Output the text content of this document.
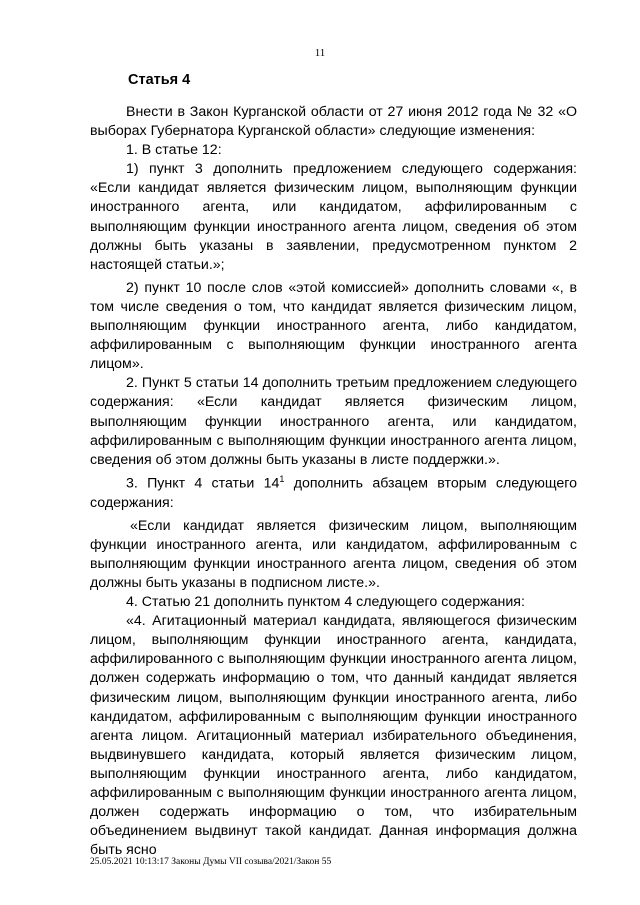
11
Статья 4

Внести в Закон Курганской области от 27 июня 2012 года № 32 «О выборах Губернатора Курганской области» следующие изменения:

1. В статье 12:

1) пункт 3 дополнить предложением следующего содержания: «Если кандидат является физическим лицом, выполняющим функции иностранного агента, или кандидатом, аффилированным с выполняющим функции иностранного агента лицом, сведения об этом должны быть указаны в заявлении, предусмотренном пунктом 2 настоящей статьи.»;

2) пункт 10 после слов «этой комиссией» дополнить словами «, в том числе сведения о том, что кандидат является физическим лицом, выполняющим функции иностранного агента, либо кандидатом, аффилированным с выполняющим функции иностранного агента лицом».

2. Пункт 5 статьи 14 дополнить третьим предложением следующего содержания: «Если кандидат является физическим лицом, выполняющим функции иностранного агента, или кандидатом, аффилированным с выполняющим функции иностранного агента лицом, сведения об этом должны быть указаны в листе поддержки.».

3. Пункт 4 статьи $14^1$ дополнить абзацем вторым следующего содержания:

«Если кандидат является физическим лицом, выполняющим функции иностранного агента, или кандидатом, аффилированным с выполняющим функции иностранного агента лицом, сведения об этом должны быть указаны в подписном листе.».

4. Статью 21 дополнить пунктом 4 следующего содержания:

«4. Агитационный материал кандидата, являющегося физическим лицом, выполняющим функции иностранного агента, кандидата, аффилированного с выполняющим функции иностранного агента лицом, должен содержать информацию о том, что данный кандидат является физическим лицом, выполняющим функции иностранного агента, либо кандидатом, аффилированным с выполняющим функции иностранного агента лицом. Агитационный материал избирательного объединения, выдвинувшего кандидата, который является физическим лицом, выполняющим функции иностранного агента, либо кандидатом, аффилированным с выполняющим функции иностранного агента лицом, должен содержать информацию о том, что избирательным объединением выдвинут такой кандидат. Данная информация должна быть ясно

25.05.2021 10:13:17 Законы Думы VII созыва/2021/Закон 55
